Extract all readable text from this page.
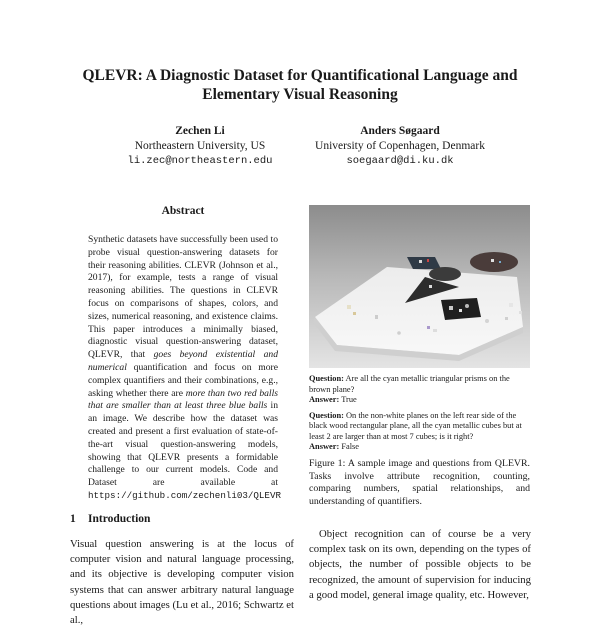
QLEVR: A Diagnostic Dataset for Quantificational Language and
Elementary Visual Reasoning
Zechen Li
Northeastern University, US
li.zec@northeastern.edu
Anders Søgaard
University of Copenhagen, Denmark
soegaard@di.ku.dk
Abstract
Synthetic datasets have successfully been used to probe visual question-answering datasets for their reasoning abilities. CLEVR (Johnson et al., 2017), for example, tests a range of visual reasoning abilities. The questions in CLEVR focus on comparisons of shapes, colors, and sizes, numerical reasoning, and existence claims. This paper introduces a minimally biased, diagnostic visual question-answering dataset, QLEVR, that goes beyond existential and numerical quantification and focus on more complex quantifiers and their combinations, e.g., asking whether there are more than two red balls that are smaller than at least three blue balls in an image. We describe how the dataset was created and present a first evaluation of state-of-the-art visual question-answering models, showing that QLEVR presents a formidable challenge to our current models. Code and Dataset are available at https://github.com/zechenli03/QLEVR
1 Introduction
Visual question answering is at the locus of computer vision and natural language processing, and its objective is developing computer vision systems that can answer arbitrary natural language questions about images (Lu et al., 2016; Schwartz et al.,

Question: Are all the cyan metallic triangular prisms on the brown plane?
Answer: True

Question: On the non-white planes on the left rear side of the black wood rectangular plane, all the cyan metallic cubes but at least 2 are larger than at most 7 cubes; is it right?
Answer: False

Figure 1: A sample image and questions from QLEVR. Tasks involve attribute recognition, counting, comparing numbers, spatial relationships, and understanding of quantifiers.
Object recognition can of course be a very complex task on its own, depending on the types of objects, the number of possible objects to be recognized, the amount of supervision for inducing a good model, general image quality, etc. However,
